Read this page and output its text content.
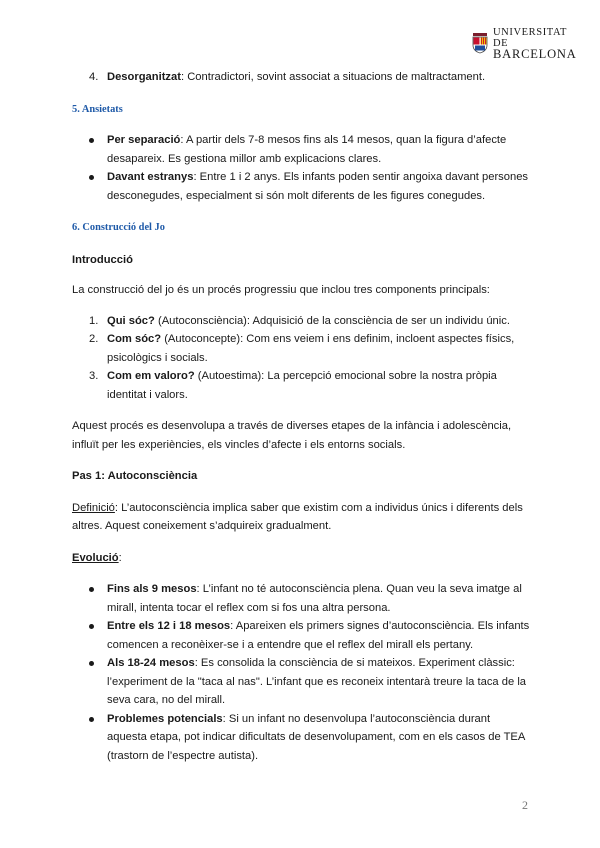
UNIVERSITAT DE
BARCELONA
4. Desorganitzat: Contradictori, sovint associat a situacions de maltractament.

5. Ansietats

Per separació: A partir dels 7-8 mesos fins als 14 mesos, quan la figura d’afecte desapareix. Es gestiona millor amb explicacions clares.
Davant estranys: Entre 1 i 2 anys. Els infants poden sentir angoixa davant persones desconegudes, especialment si són molt diferents de les figures conegudes.

6. Construcció del Jo

Introducció

La construcció del jo és un procés progressiu que inclou tres components principals:

1. Qui sóc? (Autoconsciència): Adquisició de la consciència de ser un individu únic.
2. Com sóc? (Autoconcepte): Com ens veiem i ens definim, incloent aspectes físics, psicològics i socials.
3. Com em valoro? (Autoestima): La percepció emocional sobre la nostra pròpia identitat i valors.

Aquest procés es desenvolupa a través de diverses etapes de la infància i adolescència, influït per les experiències, els vincles d’afecte i els entorns socials.

Pas 1: Autoconsciència

Definició: L’autoconsciència implica saber que existim com a individus únics i diferents dels altres. Aquest coneixement s’adquireix gradualment.

Evolució:

Fins als 9 mesos: L’infant no té autoconsciència plena. Quan veu la seva imatge al mirall, intenta tocar el reflex com si fos una altra persona.
Entre els 12 i 18 mesos: Apareixen els primers signes d’autoconsciència. Els infants comencen a reconèixer-se i a entendre que el reflex del mirall els pertany.
Als 18-24 mesos: Es consolida la consciència de si mateixos. Experiment clàssic: l’experiment de la "taca al nas". L’infant que es reconeix intentarà treure la taca de la seva cara, no del mirall.
Problemes potencials: Si un infant no desenvolupa l’autoconsciència durant aquesta etapa, pot indicar dificultats de desenvolupament, com en els casos de TEA (trastorn de l’espectre autista).
2
